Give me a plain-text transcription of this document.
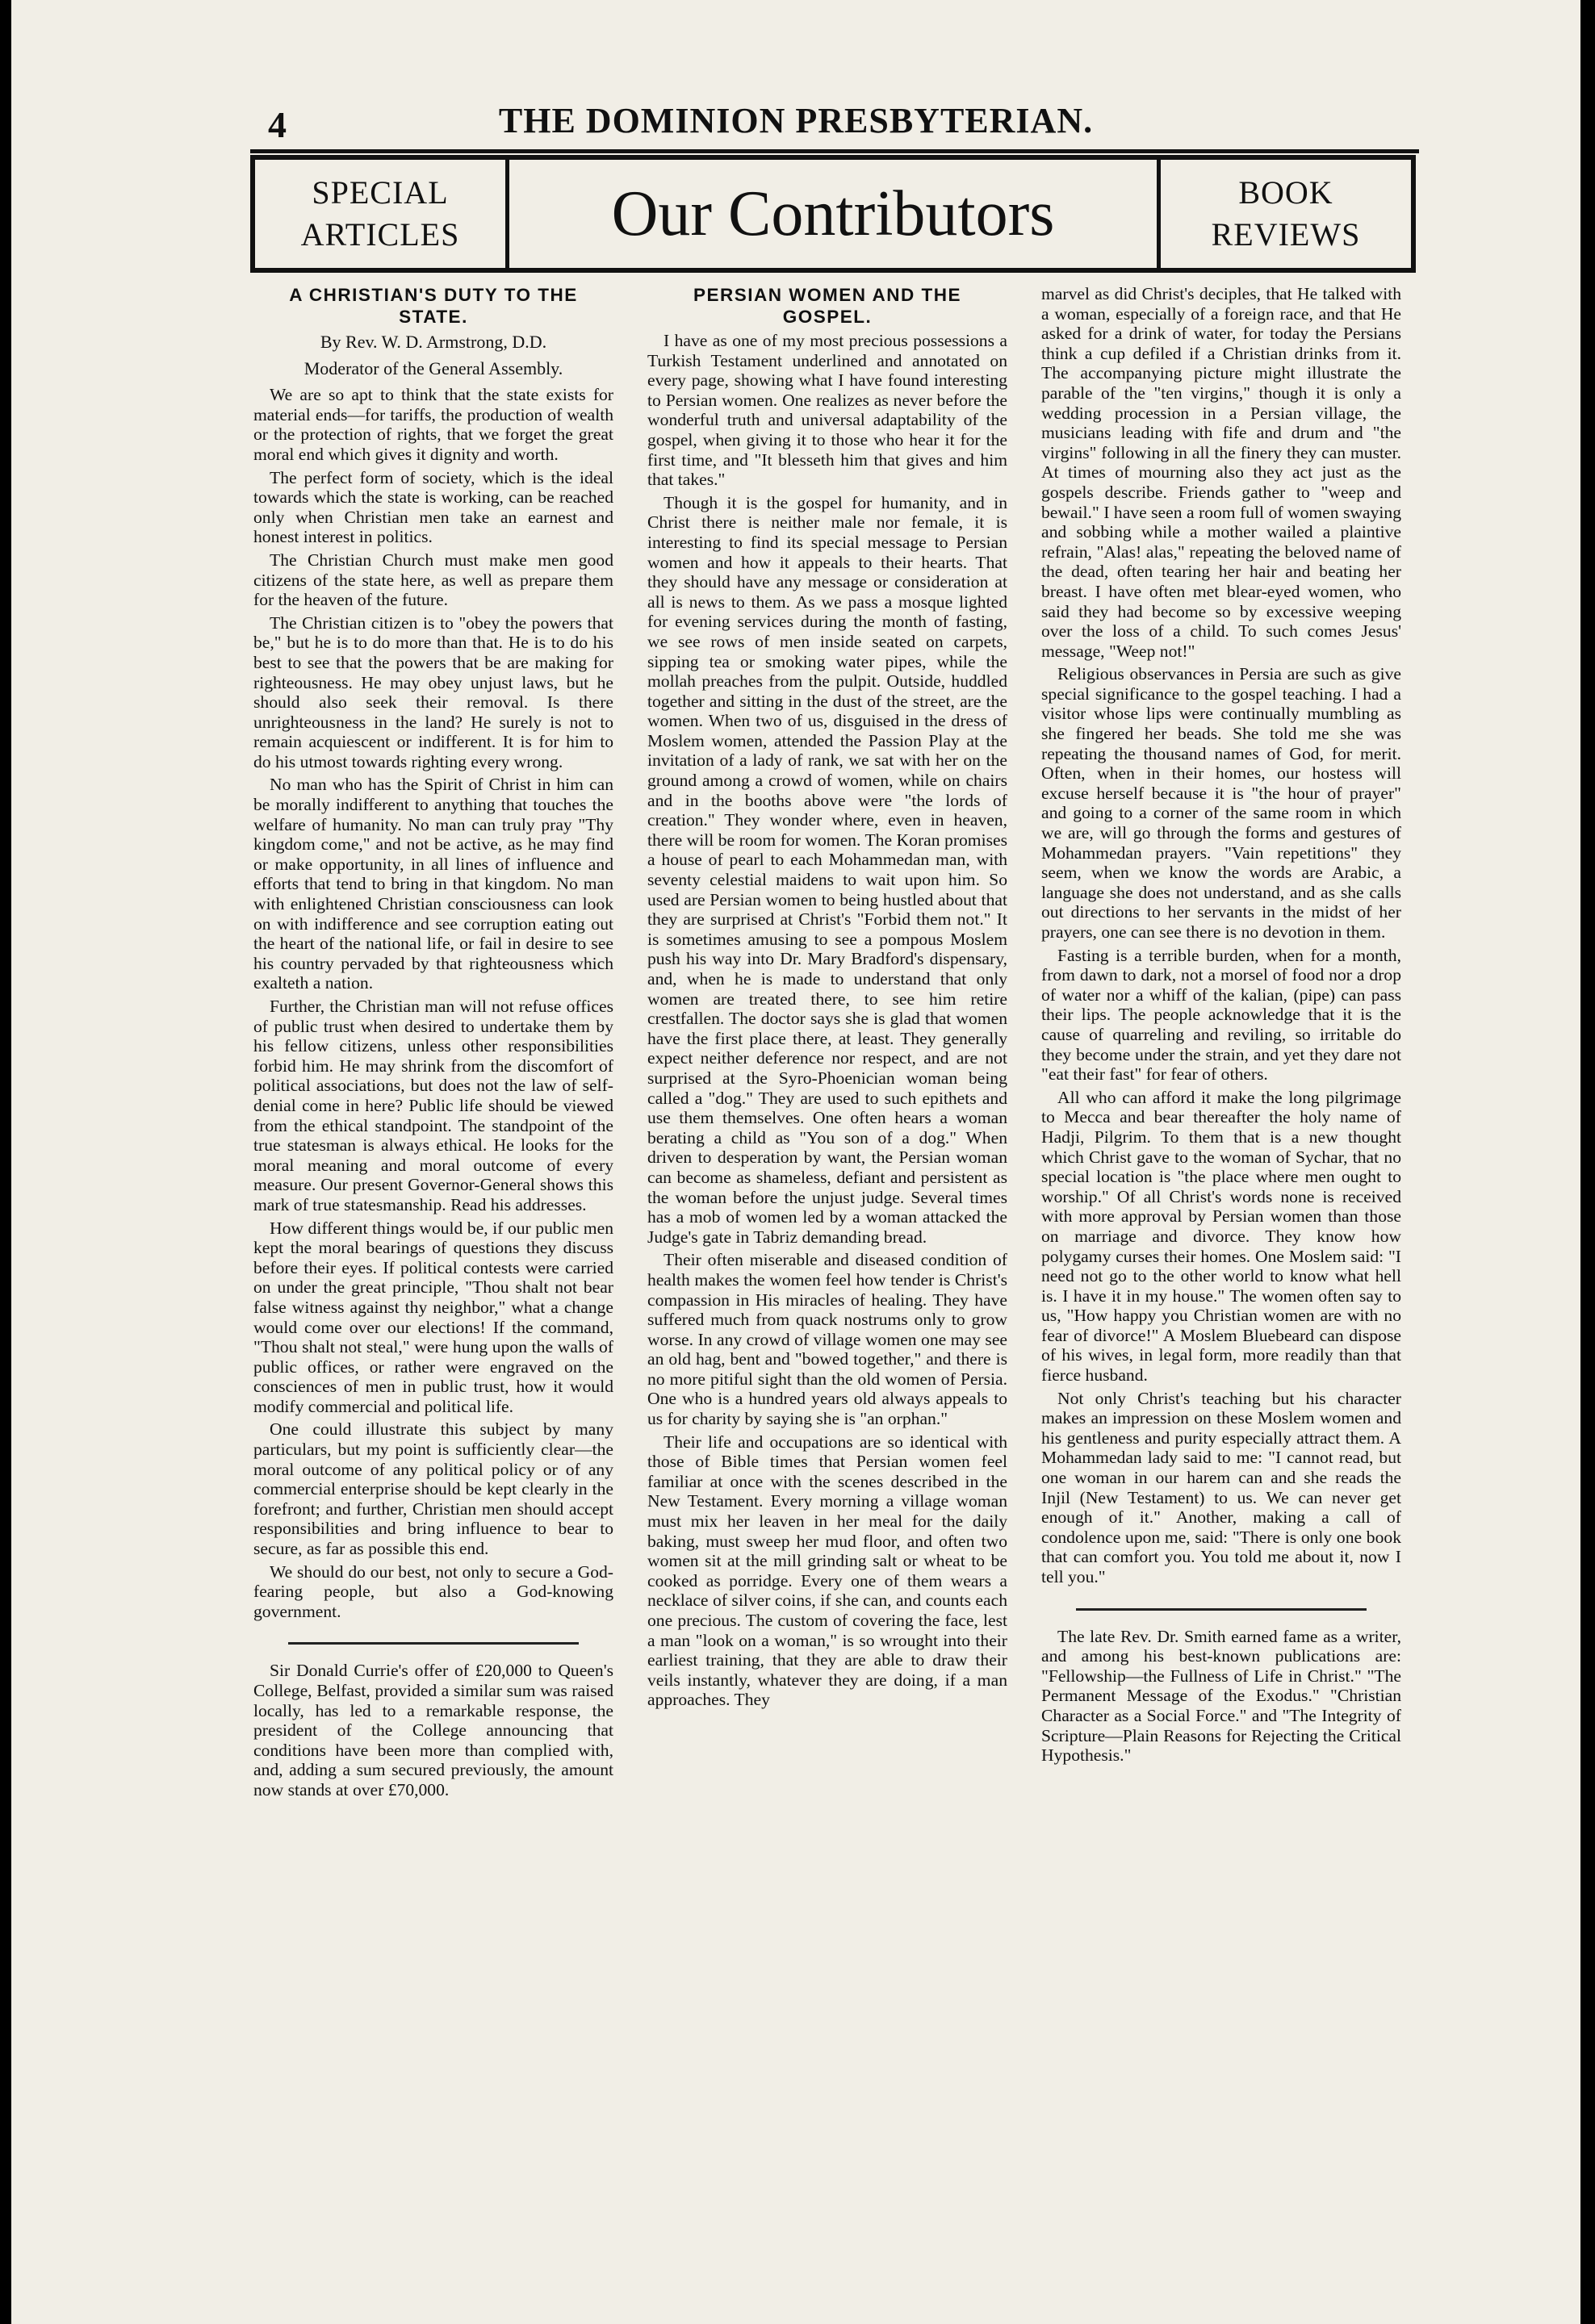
4	THE DOMINION PRESBYTERIAN.
SPECIAL ARTICLES	Our Contributors	BOOK REVIEWS

A CHRISTIAN'S DUTY TO THE STATE.

By Rev. W. D. Armstrong, D.D.

Moderator of the General Assembly.

We are so apt to think that the state exists for material ends—for tariffs, the production of wealth or the protection of rights, that we forget the great moral end which gives it dignity and worth.

The perfect form of society, which is the ideal towards which the state is working, can be reached only when Christian men take an earnest and honest interest in politics.

The Christian Church must make men good citizens of the state here, as well as prepare them for the heaven of the future.

The Christian citizen is to "obey the powers that be," but he is to do more than that. He is to do his best to see that the powers that be are making for righteousness. He may obey unjust laws, but he should also seek their removal. Is there unrighteousness in the land? He surely is not to remain acquiescent or indifferent. It is for him to do his utmost towards righting every wrong.

No man who has the Spirit of Christ in him can be morally indifferent to anything that touches the welfare of humanity. No man can truly pray "Thy kingdom come," and not be active, as he may find or make opportunity, in all lines of influence and efforts that tend to bring in that kingdom. No man with enlightened Christian consciousness can look on with indifference and see corruption eating out the heart of the national life, or fail in desire to see his country pervaded by that righteousness which exalteth a nation.

Further, the Christian man will not refuse offices of public trust when desired to undertake them by his fellow citizens, unless other responsibilities forbid him. He may shrink from the discomfort of political associations, but does not the law of self-denial come in here? Public life should be viewed from the ethical standpoint. The standpoint of the true statesman is always ethical. He looks for the moral meaning and moral outcome of every measure. Our present Governor-General shows this mark of true statesmanship. Read his addresses.

How different things would be, if our public men kept the moral bearings of questions they discuss before their eyes. If political contests were carried on under the great principle, "Thou shalt not bear false witness against thy neighbor," what a change would come over our elections! If the command, "Thou shalt not steal," were hung upon the walls of public offices, or rather were engraved on the consciences of men in public trust, how it would modify commercial and political life.

One could illustrate this subject by many particulars, but my point is sufficiently clear—the moral outcome of any political policy or of any commercial enterprise should be kept clearly in the forefront; and further, Christian men should accept responsibilities and bring influence to bear to secure, as far as possible this end.

We should do our best, not only to secure a God-fearing people, but also a God-knowing government.

Sir Donald Currie's offer of £20,000 to Queen's College, Belfast, provided a similar sum was raised locally, has led to a remarkable response, the president of the College announcing that conditions have been more than complied with, and, adding a sum secured previously, the amount now stands at over £70,000.

PERSIAN WOMEN AND THE GOSPEL.

I have as one of my most precious possessions a Turkish Testament underlined and annotated on every page, showing what I have found interesting to Persian women. One realizes as never before the wonderful truth and universal adaptability of the gospel, when giving it to those who hear it for the first time, and "It blesseth him that gives and him that takes."

Though it is the gospel for humanity, and in Christ there is neither male nor female, it is interesting to find its special message to Persian women and how it appeals to their hearts. That they should have any message or consideration at all is news to them. As we pass a mosque lighted for evening services during the month of fasting, we see rows of men inside seated on carpets, sipping tea or smoking water pipes, while the mollah preaches from the pulpit. Outside, huddled together and sitting in the dust of the street, are the women. When two of us, disguised in the dress of Moslem women, attended the Passion Play at the invitation of a lady of rank, we sat with her on the ground among a crowd of women, while on chairs and in the booths above were "the lords of creation." They wonder where, even in heaven, there will be room for women. The Koran promises a house of pearl to each Mohammedan man, with seventy celestial maidens to wait upon him. So used are Persian women to being hustled about that they are surprised at Christ's "Forbid them not." It is sometimes amusing to see a pompous Moslem push his way into Dr. Mary Bradford's dispensary, and, when he is made to understand that only women are treated there, to see him retire crestfallen. The doctor says she is glad that women have the first place there, at least. They generally expect neither deference nor respect, and are not surprised at the Syro-Phoenician woman being called a "dog." They are used to such epithets and use them themselves. One often hears a woman berating a child as "You son of a dog." When driven to desperation by want, the Persian woman can become as shameless, defiant and persistent as the woman before the unjust judge. Several times has a mob of women led by a woman attacked the Judge's gate in Tabriz demanding bread.

Their often miserable and diseased condition of health makes the women feel how tender is Christ's compassion in His miracles of healing. They have suffered much from quack nostrums only to grow worse. In any crowd of village women one may see an old hag, bent and "bowed together," and there is no more pitiful sight than the old women of Persia. One who is a hundred years old always appeals to us for charity by saying she is "an orphan."

Their life and occupations are so identical with those of Bible times that Persian women feel familiar at once with the scenes described in the New Testament. Every morning a village woman must mix her leaven in her meal for the daily baking, must sweep her mud floor, and often two women sit at the mill grinding salt or wheat to be cooked as porridge. Every one of them wears a necklace of silver coins, if she can, and counts each one precious. The custom of covering the face, lest a man "look on a woman," is so wrought into their earliest training, that they are able to draw their veils instantly, whatever they are doing, if a man approaches. They

marvel as did Christ's deciples, that He talked with a woman, especially of a foreign race, and that He asked for a drink of water, for today the Persians think a cup defiled if a Christian drinks from it. The accompanying picture might illustrate the parable of the "ten virgins," though it is only a wedding procession in a Persian village, the musicians leading with fife and drum and "the virgins" following in all the finery they can muster. At times of mourning also they act just as the gospels describe. Friends gather to "weep and bewail." I have seen a room full of women swaying and sobbing while a mother wailed a plaintive refrain, "Alas! alas," repeating the beloved name of the dead, often tearing her hair and beating her breast. I have often met blear-eyed women, who said they had become so by excessive weeping over the loss of a child. To such comes Jesus' message, "Weep not!"

Religious observances in Persia are such as give special significance to the gospel teaching. I had a visitor whose lips were continually mumbling as she fingered her beads. She told me she was repeating the thousand names of God, for merit. Often, when in their homes, our hostess will excuse herself because it is "the hour of prayer" and going to a corner of the same room in which we are, will go through the forms and gestures of Mohammedan prayers. "Vain repetitions" they seem, when we know the words are Arabic, a language she does not understand, and as she calls out directions to her servants in the midst of her prayers, one can see there is no devotion in them.

Fasting is a terrible burden, when for a month, from dawn to dark, not a morsel of food nor a drop of water nor a whiff of the kalian, (pipe) can pass their lips. The people acknowledge that it is the cause of quarreling and reviling, so irritable do they become under the strain, and yet they dare not "eat their fast" for fear of others.

All who can afford it make the long pilgrimage to Mecca and bear thereafter the holy name of Hadji, Pilgrim. To them that is a new thought which Christ gave to the woman of Sychar, that no special location is "the place where men ought to worship." Of all Christ's words none is received with more approval by Persian women than those on marriage and divorce. They know how polygamy curses their homes. One Moslem said: "I need not go to the other world to know what hell is. I have it in my house." The women often say to us, "How happy you Christian women are with no fear of divorce!" A Moslem Bluebeard can dispose of his wives, in legal form, more readily than that fierce husband.

Not only Christ's teaching but his character makes an impression on these Moslem women and his gentleness and purity especially attract them. A Mohammedan lady said to me: "I cannot read, but one woman in our harem can and she reads the Injil (New Testament) to us. We can never get enough of it." Another, making a call of condolence upon me, said: "There is only one book that can comfort you. You told me about it, now I tell you."

The late Rev. Dr. Smith earned fame as a writer, and among his best-known publications are: "Fellowship—the Fullness of Life in Christ." "The Permanent Message of the Exodus." "Christian Character as a Social Force." and "The Integrity of Scripture—Plain Reasons for Rejecting the Critical Hypothesis."
